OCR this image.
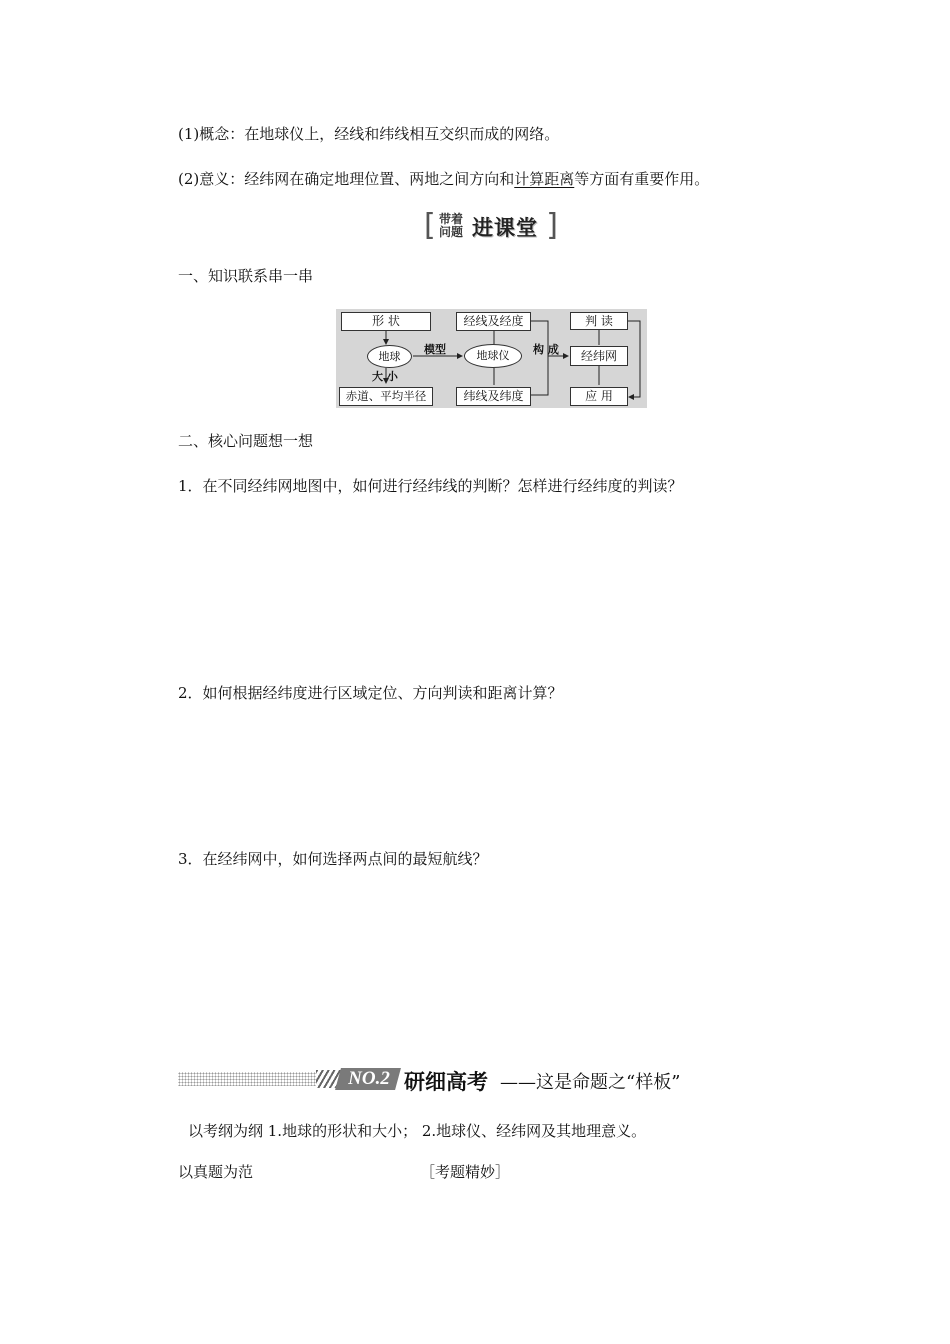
(1)概念：在地球仪上，经线和纬线相互交织而成的网络。
(2)意义：经纬网在确定地理位置、两地之间方向和计算距离等方面有重要作用。
[ 带着问题 进课堂 ]
一、知识联系串一串
形 状
地球
大 小
赤道、平均半径
模型	地球仪
经线及经度
纬线及纬度
构 成
判 读
经纬网
应 用
二、核心问题想一想
1．在不同经纬网地图中，如何进行经纬线的判断？怎样进行经纬度的判读？
2．如何根据经纬度进行区域定位、方向判读和距离计算？
3．在经纬网中，如何选择两点间的最短航线？
NO.2 研细高考 ——这是命题之“样板”
以考纲为纲 1.地球的形状和大小； 2.地球仪、经纬网及其地理意义。
以真题为范	［考题精妙］
